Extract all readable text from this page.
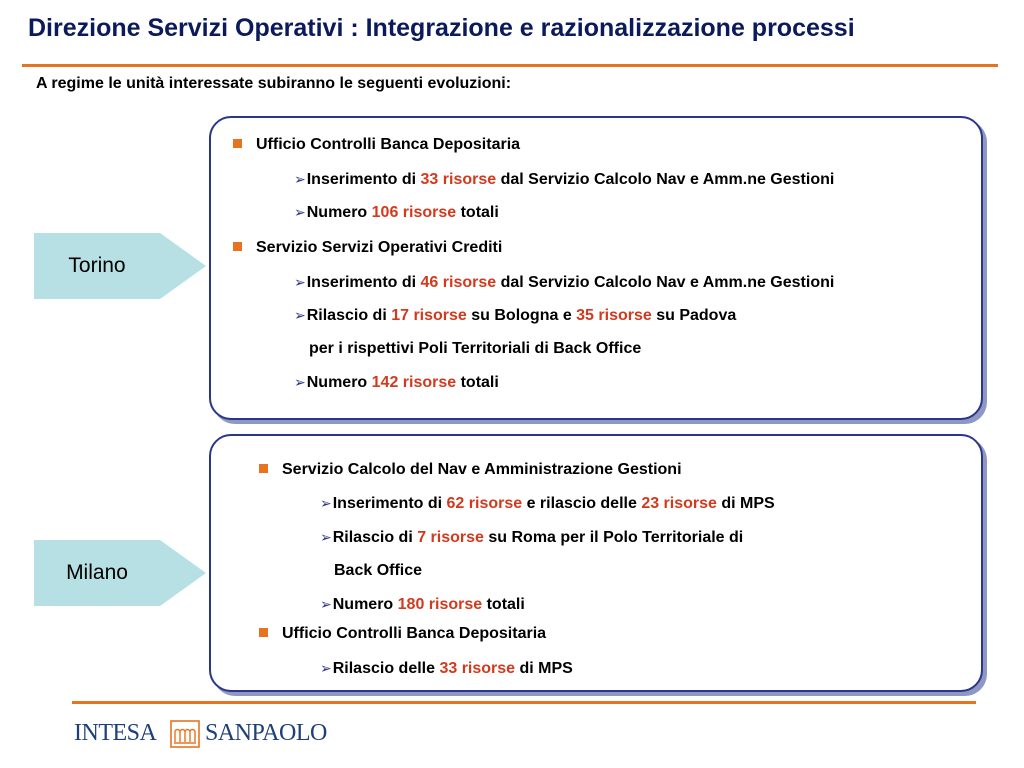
Direzione Servizi Operativi : Integrazione e razionalizzazione processi
A regime le unità interessate subiranno le seguenti evoluzioni:
Torino
Milano
Ufficio Controlli Banca Depositaria
➢Inserimento di 33 risorse dal Servizio Calcolo Nav e Amm.ne Gestioni
➢Numero 106 risorse totali
Servizio Servizi Operativi Crediti
➢Inserimento di 46 risorse dal Servizio Calcolo Nav e Amm.ne Gestioni
➢Rilascio di 17 risorse su Bologna e 35 risorse su Padova
per i rispettivi Poli Territoriali di Back Office
➢Numero 142 risorse totali
Servizio Calcolo del Nav e Amministrazione Gestioni
➢Inserimento di 62 risorse e rilascio delle 23 risorse di MPS
➢Rilascio di 7 risorse su Roma per il Polo Territoriale di
Back Office
➢Numero 180 risorse totali
Ufficio Controlli Banca Depositaria
➢Rilascio delle 33 risorse di MPS
INTESA SANPAOLO
